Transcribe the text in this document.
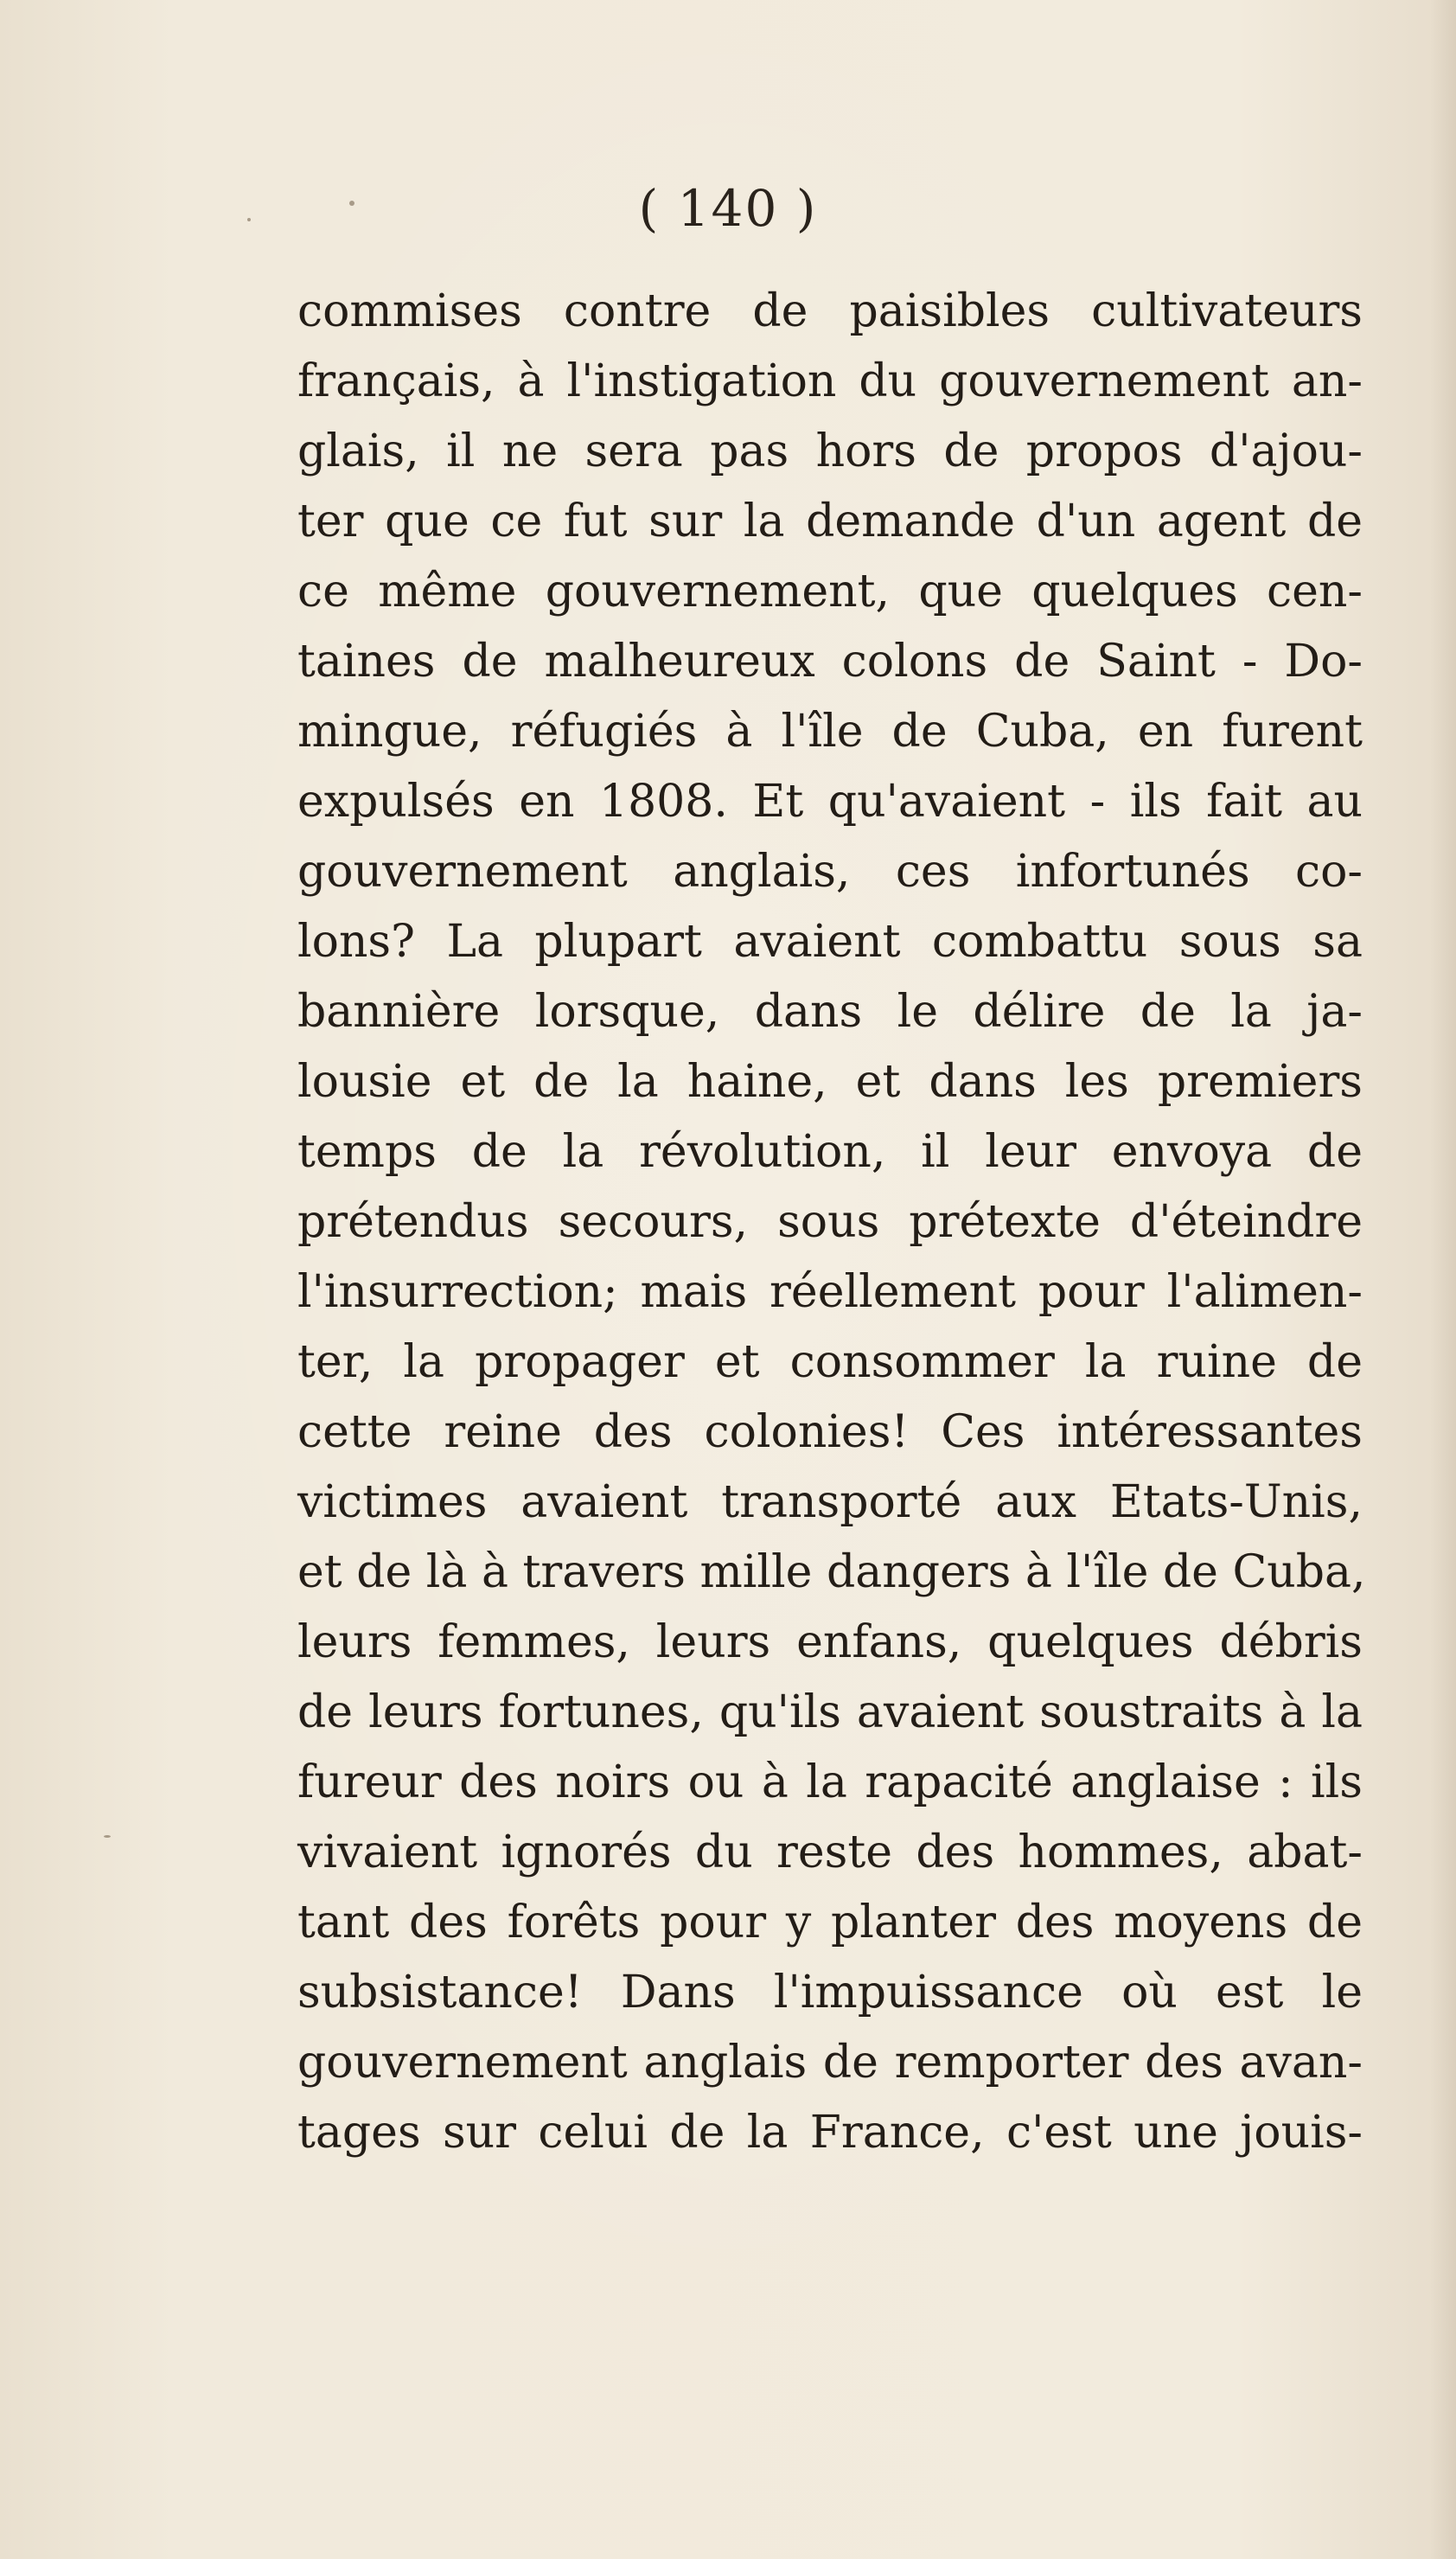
( 140 )
commises contre de paisibles cultivateurs
français, à l'instigation du gouvernement an-
glais, il ne sera pas hors de propos d'ajou-
ter que ce fut sur la demande d'un agent de
ce même gouvernement, que quelques cen-
taines de malheureux colons de Saint - Do-
mingue, réfugiés à l'île de Cuba, en furent
expulsés en 1808. Et qu'avaient - ils fait au
gouvernement anglais, ces infortunés co-
lons? La plupart avaient combattu sous sa
bannière lorsque, dans le délire de la ja-
lousie et de la haine, et dans les premiers
temps de la révolution, il leur envoya de
prétendus secours, sous prétexte d'éteindre
l'insurrection; mais réellement pour l'alimen-
ter, la propager et consommer la ruine de
cette reine des colonies! Ces intéressantes
victimes avaient transporté aux Etats-Unis,
et de là à travers mille dangers à l'île de Cuba,
leurs femmes, leurs enfans, quelques débris
de leurs fortunes, qu'ils avaient soustraits à la
fureur des noirs ou à la rapacité anglaise : ils
vivaient ignorés du reste des hommes, abat-
tant des forêts pour y planter des moyens de
subsistance! Dans l'impuissance où est le
gouvernement anglais de remporter des avan-
tages sur celui de la France, c'est une jouis-
